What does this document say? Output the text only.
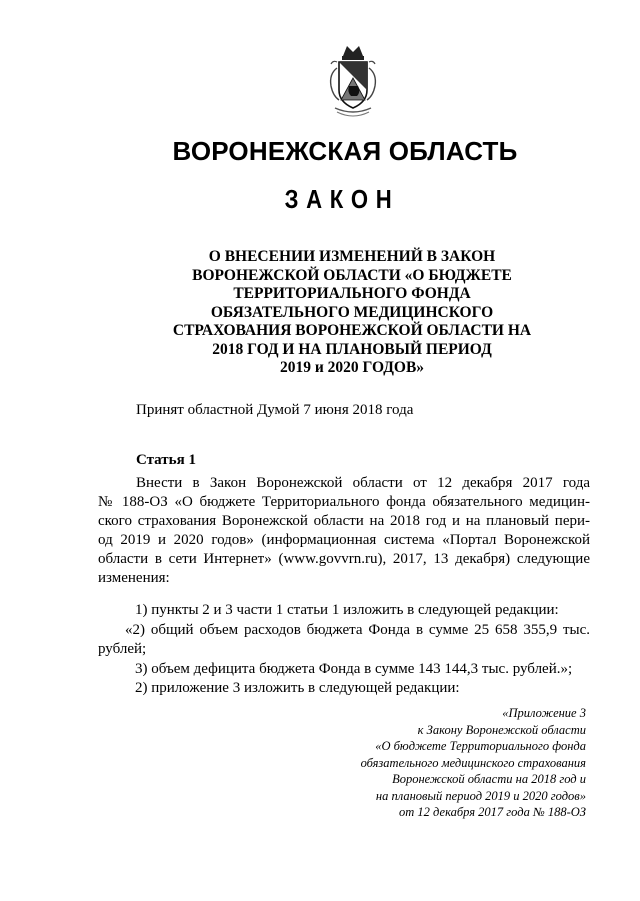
ВОРОНЕЖСКАЯ ОБЛАСТЬ
ЗАКОН
О ВНЕСЕНИИ ИЗМЕНЕНИЙ В ЗАКОН
ВОРОНЕЖСКОЙ ОБЛАСТИ «О БЮДЖЕТЕ
ТЕРРИТОРИАЛЬНОГО ФОНДА
ОБЯЗАТЕЛЬНОГО МЕДИЦИНСКОГО
СТРАХОВАНИЯ ВОРОНЕЖСКОЙ ОБЛАСТИ НА
2018 ГОД И НА ПЛАНОВЫЙ ПЕРИОД
2019 и 2020 ГОДОВ»
Принят областной Думой 7 июня 2018 года
Статья 1
Внести в Закон Воронежской области от 12 декабря 2017 года
№ 188-ОЗ «О бюджете Территориального фонда обязательного медицин-
ского страхования Воронежской области на 2018 год и на плановый пери-
од 2019 и 2020 годов» (информационная система «Портал Воронежской
области в сети Интернет» (www.govvrn.ru), 2017, 13 декабря) следующие
изменения:
1) пункты 2 и 3 части 1 статьи 1 изложить в следующей редакции:
«2) общий объем расходов бюджета Фонда в сумме 25 658 355,9 тыс.
рублей;
3) объем дефицита бюджета Фонда в сумме 143 144,3 тыс. рублей.»;
2) приложение 3 изложить в следующей редакции:
«Приложение 3
к Закону Воронежской области
«О бюджете Территориального фонда
обязательного медицинского страхования
Воронежской области на 2018 год и
на плановый период 2019 и 2020 годов»
от 12 декабря 2017 года № 188-ОЗ
